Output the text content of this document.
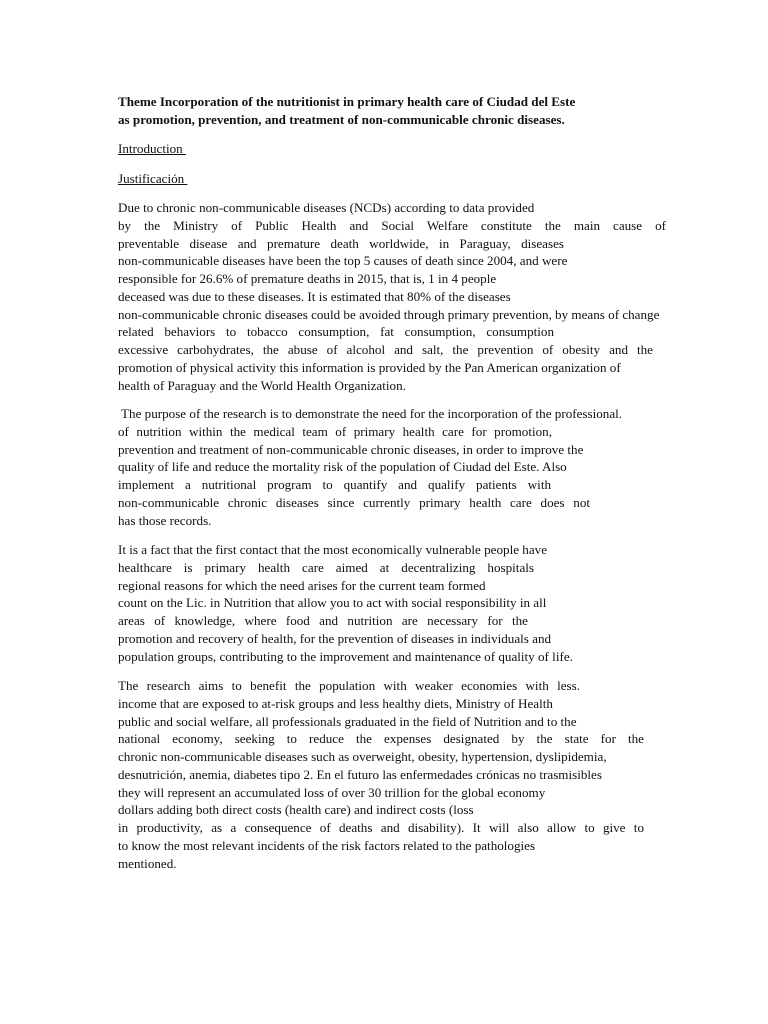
Theme Incorporation of the nutritionist in primary health care of Ciudad del Este
as promotion, prevention, and treatment of non-communicable chronic diseases.
Introduction
Justificación
Due to chronic non-communicable diseases (NCDs) according to data provided
by the Ministry of Public Health and Social Welfare constitute the main cause of
preventable disease and premature death worldwide, in Paraguay, diseases
non-communicable diseases have been the top 5 causes of death since 2004, and were
responsible for 26.6% of premature deaths in 2015, that is, 1 in 4 people
deceased was due to these diseases. It is estimated that 80% of the diseases
non-communicable chronic diseases could be avoided through primary prevention, by means of change
related behaviors to tobacco consumption, fat consumption, consumption
excessive carbohydrates, the abuse of alcohol and salt, the prevention of obesity and the
promotion of physical activity this information is provided by the Pan American organization of
health of Paraguay and the World Health Organization.
The purpose of the research is to demonstrate the need for the incorporation of the professional.
of nutrition within the medical team of primary health care for promotion,
prevention and treatment of non-communicable chronic diseases, in order to improve the
quality of life and reduce the mortality risk of the population of Ciudad del Este. Also
implement a nutritional program to quantify and qualify patients with
non-communicable chronic diseases since currently primary health care does not
has those records.
It is a fact that the first contact that the most economically vulnerable people have
healthcare is primary health care aimed at decentralizing hospitals
regional reasons for which the need arises for the current team formed
count on the Lic. in Nutrition that allow you to act with social responsibility in all
areas of knowledge, where food and nutrition are necessary for the
promotion and recovery of health, for the prevention of diseases in individuals and
population groups, contributing to the improvement and maintenance of quality of life.
The research aims to benefit the population with weaker economies with less.
income that are exposed to at-risk groups and less healthy diets, Ministry of Health
public and social welfare, all professionals graduated in the field of Nutrition and to the
national economy, seeking to reduce the expenses designated by the state for the
chronic non-communicable diseases such as overweight, obesity, hypertension, dyslipidemia,
desnutrición, anemia, diabetes tipo 2. En el futuro las enfermedades crónicas no trasmisibles
they will represent an accumulated loss of over 30 trillion for the global economy
dollars adding both direct costs (health care) and indirect costs (loss
in productivity, as a consequence of deaths and disability). It will also allow to give to
to know the most relevant incidents of the risk factors related to the pathologies
mentioned.
